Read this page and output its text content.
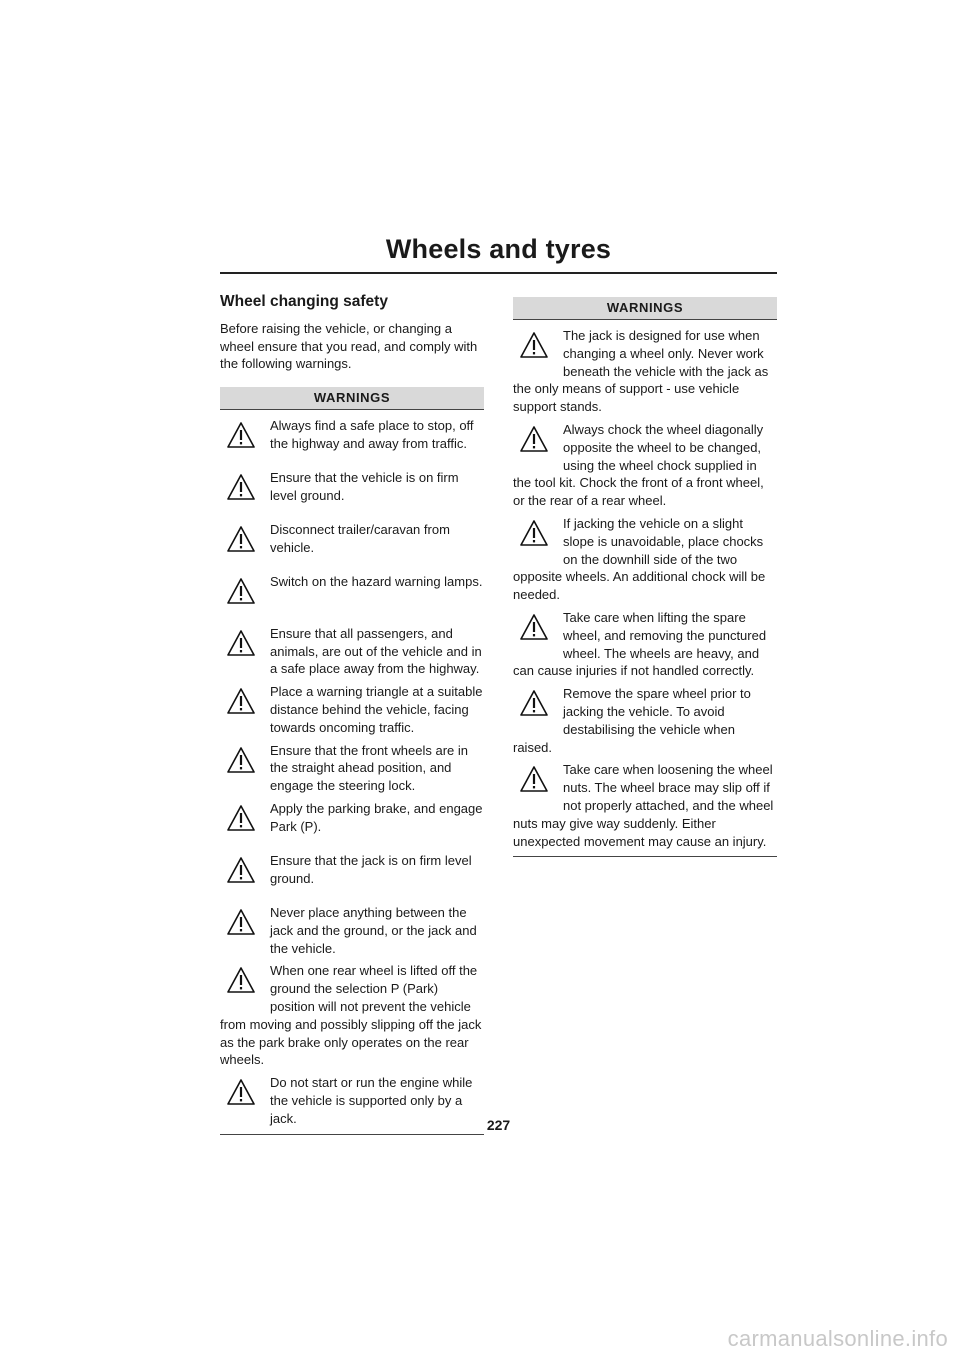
Wheels and tyres
Wheel changing safety
Before raising the vehicle, or changing a wheel ensure that you read, and comply with the following warnings.
WARNINGS
Always find a safe place to stop, off the highway and away from traffic.
Ensure that the vehicle is on firm level ground.
Disconnect trailer/caravan from vehicle.
Switch on the hazard warning lamps.
Ensure that all passengers, and animals, are out of the vehicle and in a safe place away from the highway.
Place a warning triangle at a suitable distance behind the vehicle, facing towards oncoming traffic.
Ensure that the front wheels are in the straight ahead position, and engage the steering lock.
Apply the parking brake, and engage Park (P).
Ensure that the jack is on firm level ground.
Never place anything between the jack and the ground, or the jack and the vehicle.
When one rear wheel is lifted off the ground the selection P (Park) position will not prevent the vehicle from moving and possibly slipping off the jack as the park brake only operates on the rear wheels.
Do not start or run the engine while the vehicle is supported only by a jack.
WARNINGS
The jack is designed for use when changing a wheel only. Never work beneath the vehicle with the jack as the only means of support - use vehicle support stands.
Always chock the wheel diagonally opposite the wheel to be changed, using the wheel chock supplied in the tool kit. Chock the front of a front wheel, or the rear of a rear wheel.
If jacking the vehicle on a slight slope is unavoidable, place chocks on the downhill side of the two opposite wheels. An additional chock will be needed.
Take care when lifting the spare wheel, and removing the punctured wheel. The wheels are heavy, and can cause injuries if not handled correctly.
Remove the spare wheel prior to jacking the vehicle. To avoid destabilising the vehicle when raised.
Take care when loosening the wheel nuts. The wheel brace may slip off if not properly attached, and the wheel nuts may give way suddenly. Either unexpected movement may cause an injury.
227
carmanualsonline.info
